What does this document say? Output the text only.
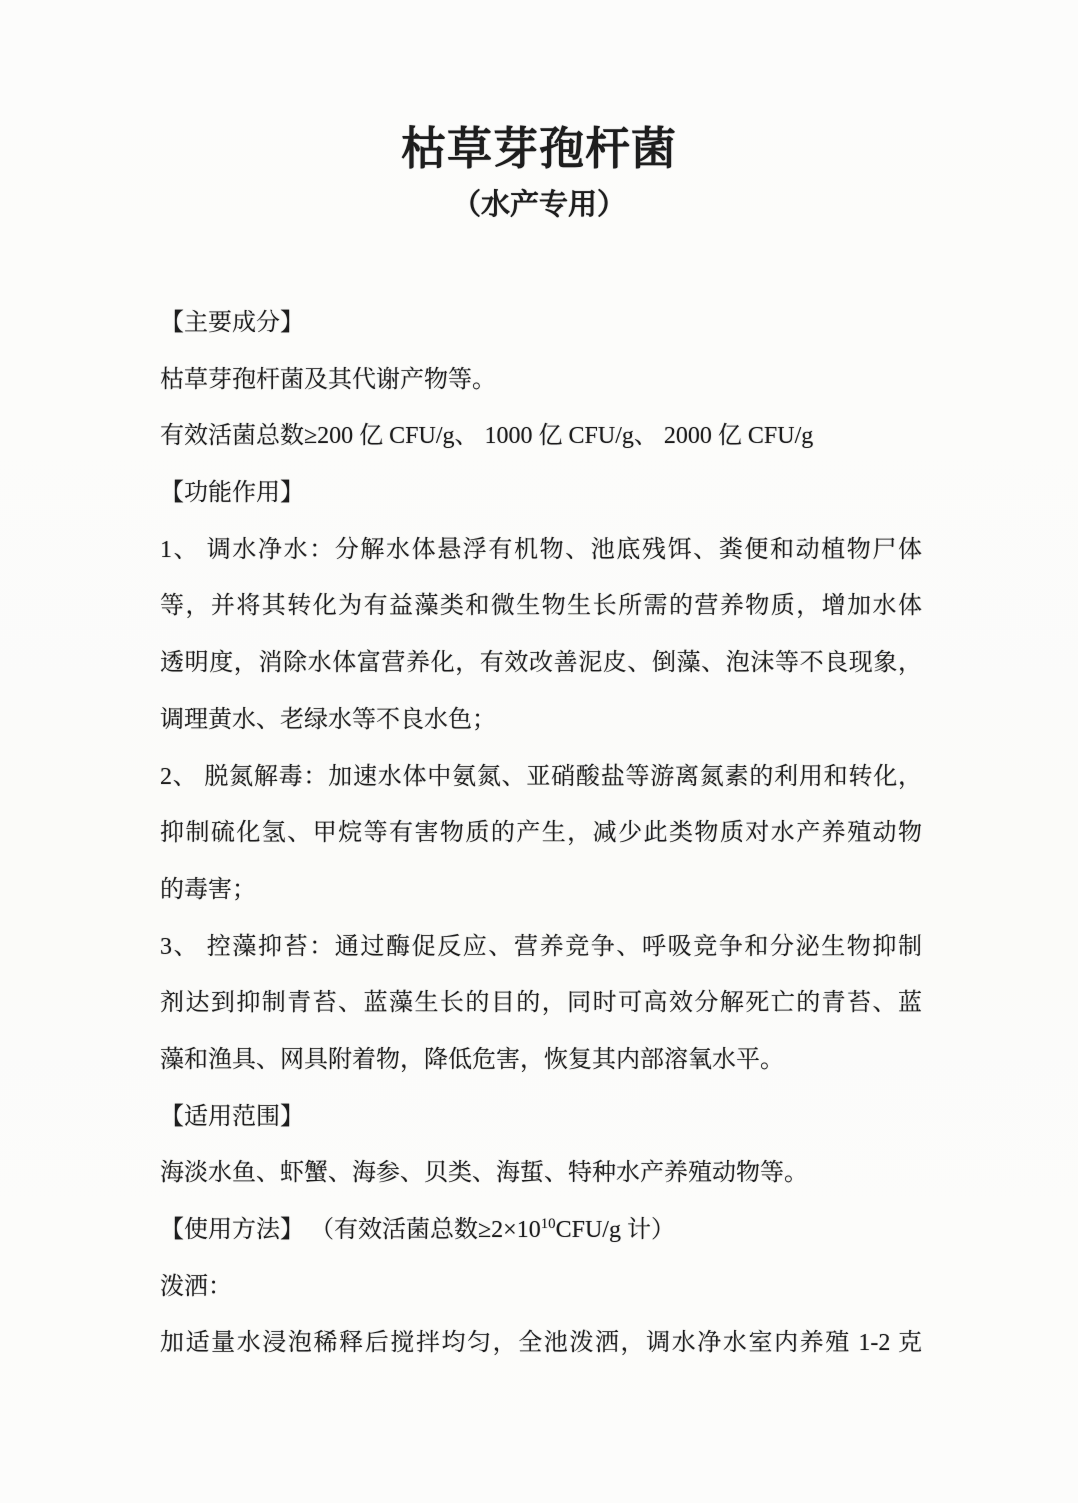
枯草芽孢杆菌
（水产专用）
【主要成分】
枯草芽孢杆菌及其代谢产物等。
有效活菌总数≥200 亿 CFU/g、 1000 亿 CFU/g、 2000 亿 CFU/g
【功能作用】
1、 调水净水：分解水体悬浮有机物、池底残饵、粪便和动植物尸体
等，并将其转化为有益藻类和微生物生长所需的营养物质，增加水体
透明度，消除水体富营养化，有效改善泥皮、倒藻、泡沫等不良现象，
调理黄水、老绿水等不良水色；
2、 脱氮解毒：加速水体中氨氮、亚硝酸盐等游离氮素的利用和转化，
抑制硫化氢、甲烷等有害物质的产生，减少此类物质对水产养殖动物
的毒害；
3、 控藻抑苔：通过酶促反应、营养竞争、呼吸竞争和分泌生物抑制
剂达到抑制青苔、蓝藻生长的目的，同时可高效分解死亡的青苔、蓝
藻和渔具、网具附着物，降低危害，恢复其内部溶氧水平。
【适用范围】
海淡水鱼、虾蟹、海参、贝类、海蜇、特种水产养殖动物等。
【使用方法】 （有效活菌总数$\ge 2\times 10^{10}CFU/g$ 计）
泼洒：
加适量水浸泡稀释后搅拌均匀，全池泼洒，调水净水室内养殖 1-2 克
